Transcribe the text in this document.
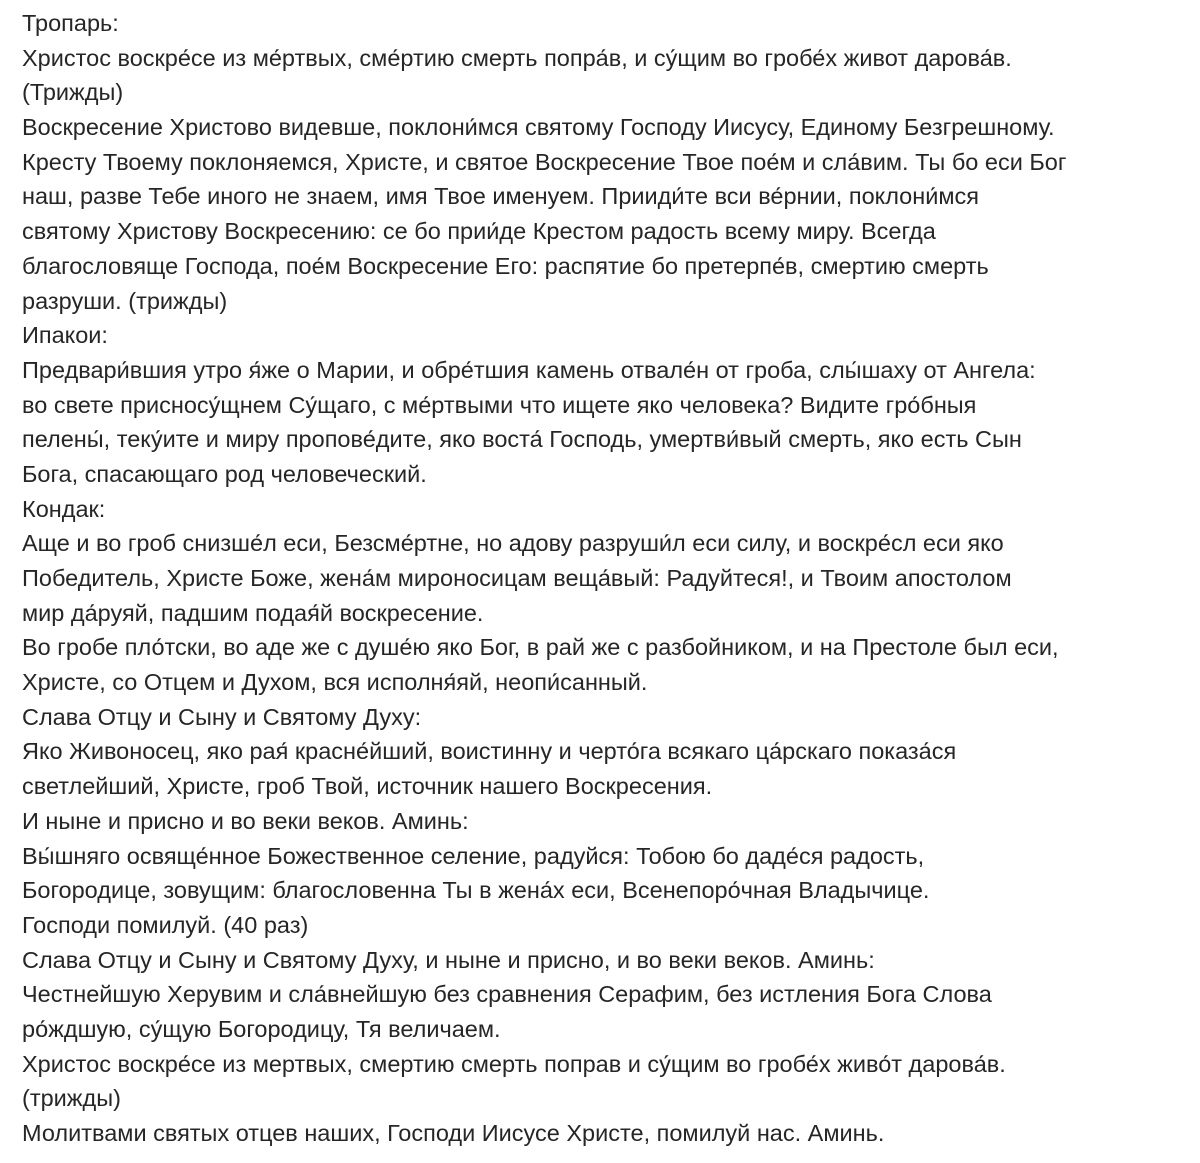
Тропарь:

Христос воскре́се из ме́ртвых, сме́ртию смерть попра́в, и су́щим во гробе́х живот дарова́в.

(Трижды)

Воскресение Христово видевше, поклони́мся святому Господу Иисусу, Единому Безгрешному.

Кресту Твоему поклоняемся, Христе, и святое Воскресение Твое пое́м и сла́вим. Ты бо еси Бог

наш, разве Тебе иного не знаем, имя Твое именуем. Прииди́те вси ве́рнии, поклони́мся

святому Христову Воскресению: се бо прии́де Крестом радость всему миру. Всегда

благословяще Господа, пое́м Воскресение Его: распятие бо претерпе́в, смертию смерть

разруши. (трижды)

Ипакои:

Предвари́вшия утро я́же о Марии, и обре́тшия камень отвале́н от гроба, слы́шаху от Ангела:

во свете присносу́щнем Су́щаго, с ме́ртвыми что ищете яко человека? Видите гро́бныя

пелены́, теку́ите и миру пропове́дите, яко воста́ Господь, умертви́вый смерть, яко есть Сын

Бога, спасающаго род человеческий.

Кондак:

Аще и во гроб снизше́л еси, Безсме́ртне, но адову разруши́л еси силу, и воскре́сл еси яко

Победитель, Христе Боже, жена́м мироносицам веща́вый: Радуйтеся!, и Твоим апостолом

мир да́руяй, падшим подая́й воскресение.

Во гробе пло́тски, во аде же с душе́ю яко Бог, в рай же с разбойником, и на Престоле был еси,

Христе, со Отцем и Духом, вся исполня́яй, неопи́санный.

Слава Отцу и Сыну и Святому Духу:

Яко Живоносец, яко рая́ красне́йший, воистинну и черто́га всякаго ца́рскаго показа́ся

светлейший, Христе, гроб Твой, источник нашего Воскресения.

И ныне и присно и во веки веков. Аминь:

Вы́шняго освяще́нное Божественное селение, радуйся: Тобою бо даде́ся радость,

Богородице, зовущим: благословенна Ты в жена́х еси, Всенепоро́чная Владычице.

Господи помилуй. (40 раз)

Слава Отцу и Сыну и Святому Духу, и ныне и присно, и во веки веков. Аминь:

Честнейшую Херувим и сла́внейшую без сравнения Серафим, без истления Бога Слова

ро́ждшую, су́щую Богородицу, Тя величаем.

Христос воскре́се из мертвых, смертию смерть поправ и су́щим во гробе́х живо́т дарова́в.

(трижды)

Молитвами святых отцев наших, Господи Иисусе Христе, помилуй нас. Аминь.
